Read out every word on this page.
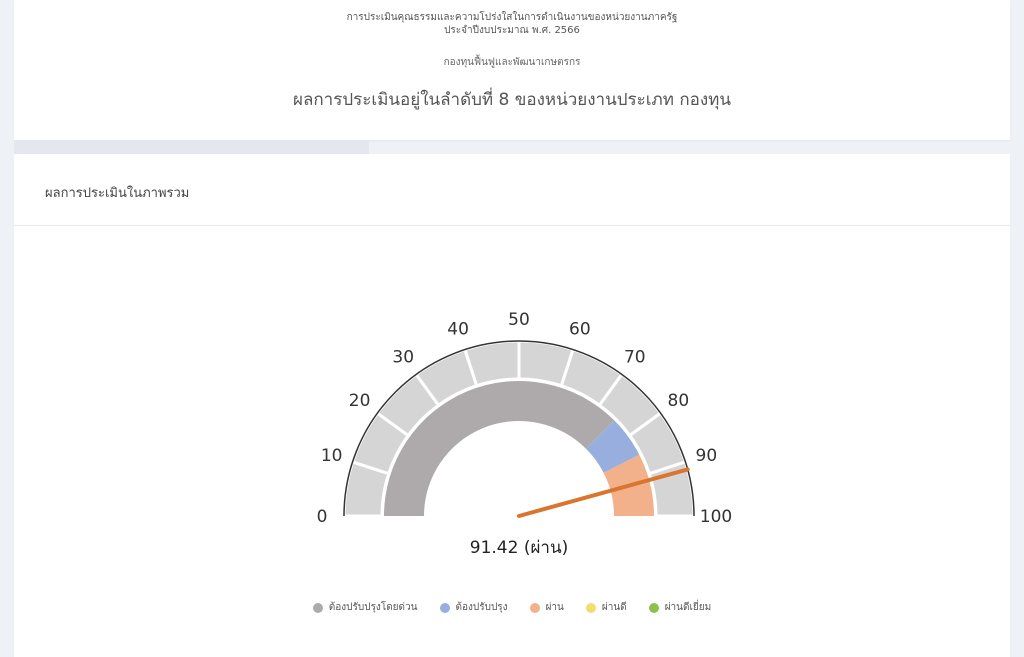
การประเมินคุณธรรมและความโปร่งใสในการดำเนินงานของหน่วยงานภาครัฐ
ประจำปีงบประมาณ พ.ศ. 2566
กองทุนฟื้นฟูและพัฒนาเกษตรกร
ผลการประเมินอยู่ในลำดับที่ 8 ของหน่วยงานประเภท กองทุน
ผลการประเมินในภาพรวม
0
10
20
30
40 50 60
70
80
90
100
91.42 (ผ่าน)
ต้องปรับปรุงโดยด่วน	ต้องปรับปรุง	ผ่าน	ผ่านดี	ผ่านดีเยี่ยม
